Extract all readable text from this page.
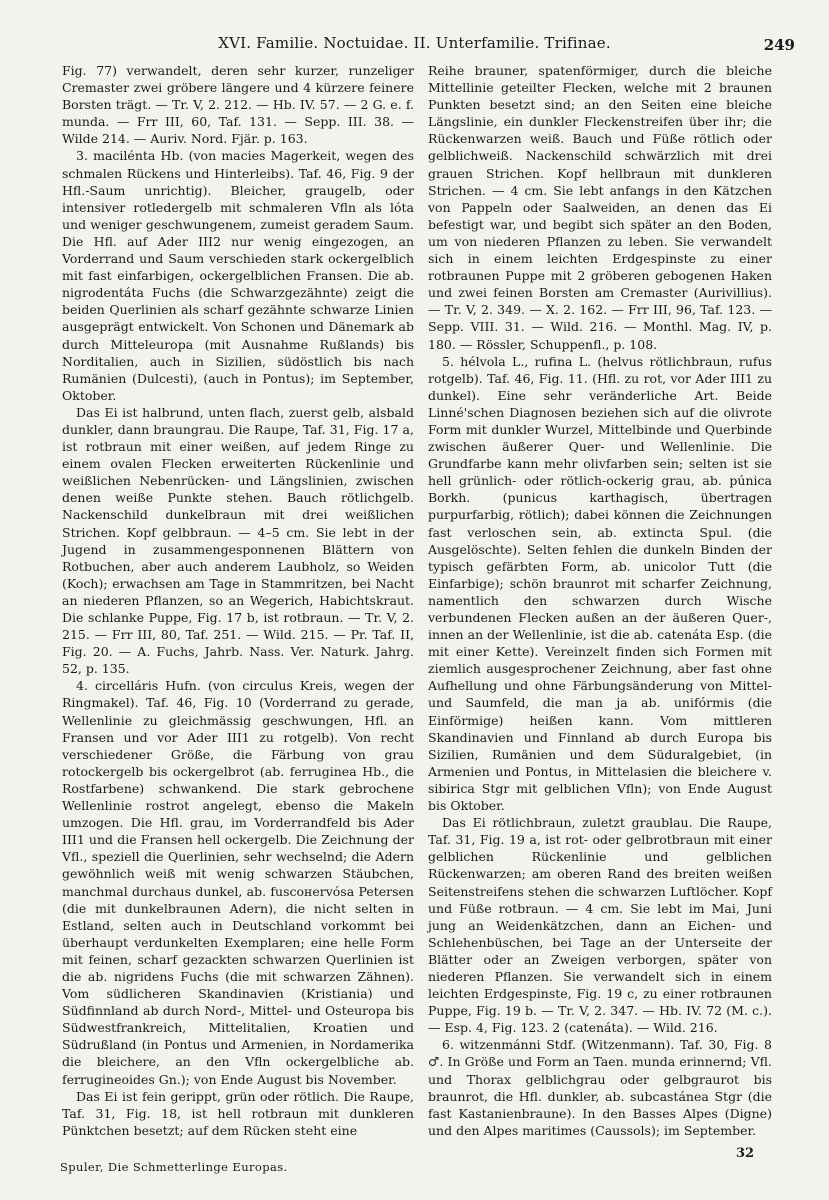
XVI. Familie. Noctuidae. II. Unterfamilie. Trifinae.	249

Fig. 77) verwandelt, deren sehr kurzer, runzeliger Cremaster zwei gröbere längere und 4 kürzere feinere Borsten trägt. — Tr. V, 2. 212. — Hb. IV. 57. — 2 G. e. f. munda. — Frr III, 60, Taf. 131. — Sepp. III. 38. — Wilde 214. — Auriv. Nord. Fjär. p. 163.

3. maciléntа Hb. (von macies Magerkeit, wegen des schmalen Rückens und Hinterleibs). Taf. 46, Fig. 9 der Hfl.-Saum unrichtig). Bleicher, graugelb, oder intensiver rotledergelb mit schmaleren Vfln als lóta und weniger geschwungenem, zumeist geradem Saum. Die Hfl. auf Ader III2 nur wenig eingezogen, an Vorderrand und Saum verschieden stark ockergelblich mit fast einfarbigen, ockergelblichen Fransen. Die ab. nigrodentáta Fuchs (die Schwarzgezähnte) zeigt die beiden Querlinien als scharf gezähnte schwarze Linien ausgeprägt entwickelt. Von Schonen und Dänemark ab durch Mitteleuropa (mit Ausnahme Rußlands) bis Norditalien, auch in Sizilien, südöstlich bis nach Rumänien (Dulcesti), (auch in Pontus); im September, Oktober.

Das Ei ist halbrund, unten flach, zuerst gelb, alsbald dunkler, dann braungrau. Die Raupe, Taf. 31, Fig. 17 a, ist rotbraun mit einer weißen, auf jedem Ringe zu einem ovalen Flecken erweiterten Rückenlinie und weißlichen Nebenrücken- und Längslinien, zwischen denen weiße Punkte stehen. Bauch rötlichgelb. Nackenschild dunkelbraun mit drei weißlichen Strichen. Kopf gelbbraun. — 4–5 cm. Sie lebt in der Jugend in zusammengesponnenen Blättern von Rotbuchen, aber auch anderem Laubholz, so Weiden (Koch); erwachsen am Tage in Stammritzen, bei Nacht an niederen Pflanzen, so an Wegerich, Habichtskraut. Die schlanke Puppe, Fig. 17 b, ist rotbraun. — Tr. V, 2. 215. — Frr III, 80, Taf. 251. — Wild. 215. — Pr. Taf. II, Fig. 20. — A. Fuchs, Jahrb. Nass. Ver. Naturk. Jahrg. 52, p. 135.

4. circelláris Hufn. (von circulus Kreis, wegen der Ringmakel). Taf. 46, Fig. 10 (Vorderrand zu gerade, Wellenlinie zu gleichmässig geschwungen, Hfl. an Fransen und vor Ader III1 zu rotgelb). Von recht verschiedener Größe, die Färbung von grau rotockergelb bis ockergelbrot (ab. ferruginea Hb., die Rostfarbene) schwankend. Die stark gebrochene Wellenlinie rostrot angelegt, ebenso die Makeln umzogen. Die Hfl. grau, im Vorderrandfeld bis Ader III1 und die Fransen hell ockergelb. Die Zeichnung der Vfl., speziell die Querlinien, sehr wechselnd; die Adern gewöhnlich weiß mit wenig schwarzen Stäubchen, manchmal durchaus dunkel, ab. fuscoнervósa Petersen (die mit dunkelbraunen Adern), die nicht selten in Estland, selten auch in Deutschland vorkommt bei überhaupt verdunkelten Exemplaren; eine helle Form mit feinen, scharf gezackten schwarzen Querlinien ist die ab. nigridens Fuchs (die mit schwarzen Zähnen). Vom südlicheren Skandinavien (Kristiania) und Südfinnland ab durch Nord-, Mittel- und Osteuropa bis Südwestfrankreich, Mittelitalien, Kroatien und Südrußland (in Pontus und Armenien, in Nordamerika die bleichere, an den Vfln ockergelbliche ab. ferrugineoides Gn.); von Ende August bis November.

Das Ei ist fein gerippt, grün oder rötlich. Die Raupe, Taf. 31, Fig. 18, ist hell rotbraun mit dunkleren Pünktchen besetzt; auf dem Rücken steht eine

Reihe brauner, spatenförmiger, durch die bleiche Mittellinie geteilter Flecken, welche mit 2 braunen Punkten besetzt sind; an den Seiten eine bleiche Längslinie, ein dunkler Fleckenstreifen über ihr; die Rückenwarzen weiß. Bauch und Füße rötlich oder gelblichweiß. Nackenschild schwärzlich mit drei grauen Strichen. Kopf hellbraun mit dunkleren Strichen. — 4 cm. Sie lebt anfangs in den Kätzchen von Pappeln oder Saalweiden, an denen das Ei befestigt war, und begibt sich später an den Boden, um von niederen Pflanzen zu leben. Sie verwandelt sich in einem leichten Erdgespinste zu einer rotbraunen Puppe mit 2 gröberen gebogenen Haken und zwei feinen Borsten am Cremaster (Aurivillius). — Tr. V, 2. 349. — X. 2. 162. — Frr III, 96, Taf. 123. — Sepp. VIII. 31. — Wild. 216. — Monthl. Mag. IV, p. 180. — Rössler, Schuppenfl., p. 108.

5. hélvola L., rufina L. (helvus rötlichbraun, rufus rotgelb). Taf. 46, Fig. 11. (Hfl. zu rot, vor Ader III1 zu dunkel). Eine sehr veränderliche Art. Beide Linné'schen Diagnosen beziehen sich auf die olivrote Form mit dunkler Wurzel, Mittelbinde und Querbinde zwischen äußerer Quer- und Wellenlinie. Die Grundfarbe kann mehr olivfarben sein; selten ist sie hell grünlich- oder rötlich-ockerig grau, ab. púnica Borkh. (punicus karthagisch, übertragen purpurfarbig, rötlich); dabei können die Zeichnungen fast verloschen sein, ab. extincta Spul. (die Ausgelöschte). Selten fehlen die dunkeln Binden der typisch gefärbten Form, ab. unicolor Tutt (die Einfarbige); schön braunrot mit scharfer Zeichnung, namentlich den schwarzen durch Wische verbundenen Flecken außen an der äußeren Quer-, innen an der Wellenlinie, ist die ab. catenáta Esp. (die mit einer Kette). Vereinzelt finden sich Formen mit ziemlich ausgesprochener Zeichnung, aber fast ohne Aufhellung und ohne Färbungsänderung von Mittel- und Saumfeld, die man ja ab. unifórmis (die Einförmige) heißen kann. Vom mittleren Skandinavien und Finnland ab durch Europa bis Sizilien, Rumänien und dem Süduralgebiet, (in Armenien und Pontus, in Mittelasien die bleichere v. sibirica Stgr mit gelblichen Vfln); von Ende August bis Oktober.

Das Ei rötlichbraun, zuletzt graublau. Die Raupe, Taf. 31, Fig. 19 a, ist rot- oder gelbrotbraun mit einer gelblichen Rückenlinie und gelblichen Rückenwarzen; am oberen Rand des breiten weißen Seitenstreifens stehen die schwarzen Luftlöcher. Kopf und Füße rotbraun. — 4 cm. Sie lebt im Mai, Juni jung an Weidenkätzchen, dann an Eichen- und Schlehenbüschen, bei Tage an der Unterseite der Blätter oder an Zweigen verborgen, später von niederen Pflanzen. Sie verwandelt sich in einem leichten Erdgespinste, Fig. 19 c, zu einer rotbraunen Puppe, Fig. 19 b. — Tr. V, 2. 347. — Hb. IV. 72 (M. c.). — Esp. 4, Fig. 123. 2 (catenáta). — Wild. 216.

6. witzenmánni Stdf. (Witzenmann). Taf. 30, Fig. 8 ♂. In Größe und Form an Taen. munda erinnernd; Vfl. und Thorax gelblichgrau oder gelbgraurot bis braunrot, die Hfl. dunkler, ab. subcastánea Stgr (die fast Kastanienbraune). In den Basses Alpes (Digne) und den Alpes maritimes (Caussols); im September.

32
Spuler, Die Schmetterlinge Europas.
